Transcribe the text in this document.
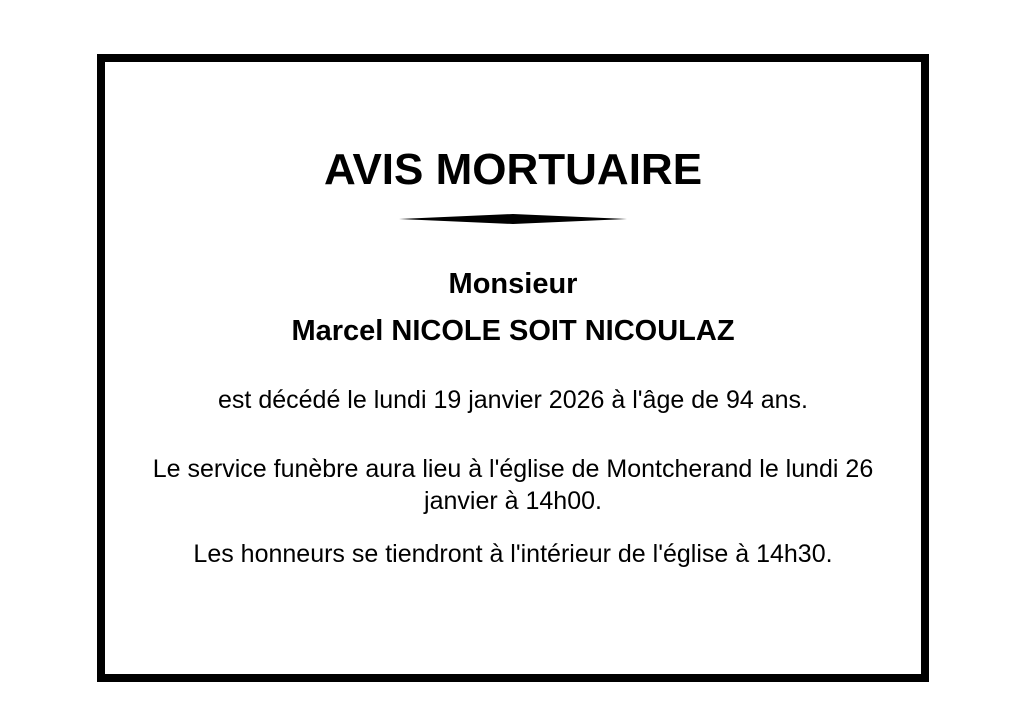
AVIS MORTUAIRE
Monsieur
Marcel NICOLE SOIT NICOULAZ
est décédé le lundi 19 janvier 2026 à l'âge de 94 ans.
Le service funèbre aura lieu à l'église de Montcherand le lundi 26 janvier à 14h00.
Les honneurs se tiendront à l'intérieur de l'église à 14h30.
